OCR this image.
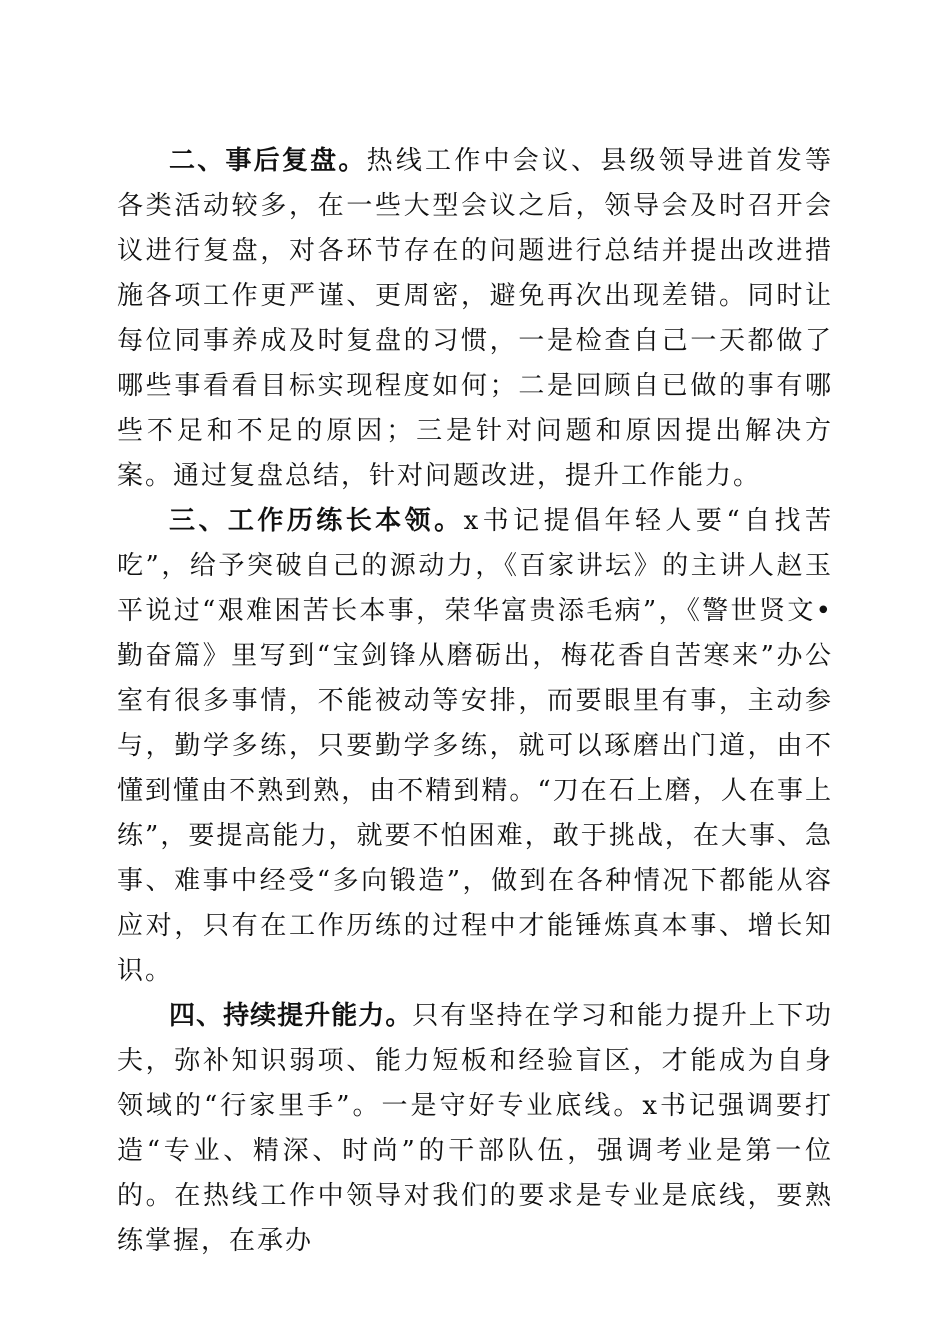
二、事后复盘。热线工作中会议、县级领导进首发等各类活动较多，在一些大型会议之后，领导会及时召开会议进行复盘，对各环节存在的问题进行总结并提出改进措施各项工作更严谨、更周密，避免再次出现差错。同时让每位同事养成及时复盘的习惯，一是检查自己一天都做了哪些事看看目标实现程度如何；二是回顾自已做的事有哪些不足和不足的原因；三是针对问题和原因提出解决方案。通过复盘总结，针对问题改进，提升工作能力。

三、工作历练长本领。x书记提倡年轻人要“自找苦吃”，给予突破自己的源动力，《百家讲坛》的主讲人赵玉平说过“艰难困苦长本事，荣华富贵添毛病”，《警世贤文•勤奋篇》里写到“宝剑锋从磨砺出，梅花香自苦寒来”办公室有很多事情，不能被动等安排，而要眼里有事，主动参与，勤学多练，只要勤学多练，就可以琢磨出门道，由不懂到懂由不熟到熟，由不精到精。“刀在石上磨，人在事上练”，要提高能力，就要不怕困难，敢于挑战，在大事、急事、难事中经受“多向锻造”，做到在各种情况下都能从容应对，只有在工作历练的过程中才能锤炼真本事、增长知识。

四、持续提升能力。只有坚持在学习和能力提升上下功夫，弥补知识弱项、能力短板和经验盲区，才能成为自身领域的“行家里手”。一是守好专业底线。x书记强调要打造“专业、精深、时尚”的干部队伍，强调考业是第一位的。在热线工作中领导对我们的要求是专业是底线，要熟练掌握，在承办
